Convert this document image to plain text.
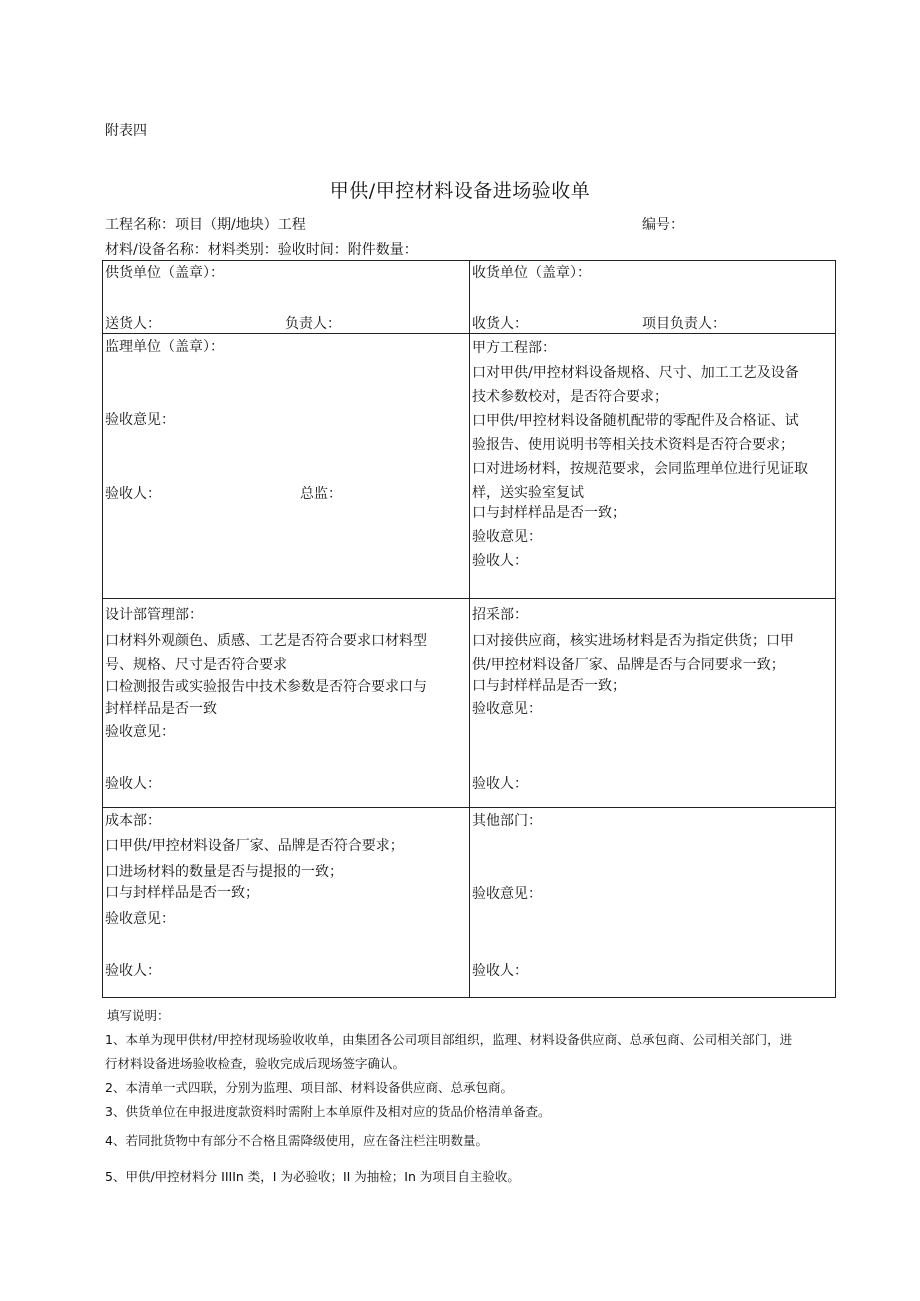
附表四
甲供/甲控材料设备进场验收单
工程名称：项目（期/地块）工程	编号：
材料/设备名称：材料类别：验收时间：附件数量：
供货单位（盖章）：
送货人：	负责人：
收货单位（盖章）：
收货人：	项目负责人：
监理单位（盖章）：
验收意见：
验收人：	总监：
甲方工程部：
口对甲供/甲控材料设备规格、尺寸、加工工艺及设备
技术参数校对，是否符合要求；
口甲供/甲控材料设备随机配带的零配件及合格证、试
验报告、使用说明书等相关技术资料是否符合要求；
口对进场材料，按规范要求，会同监理单位进行见证取
样，送实验室复试
口与封样样品是否一致；
验收意见：
验收人：
设计部管理部：
口材料外观颜色、质感、工艺是否符合要求口材料型
号、规格、尺寸是否符合要求
口检测报告或实验报告中技术参数是否符合要求口与
封样样品是否一致
验收意见：
验收人：
招采部：
口对接供应商，核实进场材料是否为指定供货；口甲
供/甲控材料设备厂家、品牌是否与合同要求一致；
口与封样样品是否一致；
验收意见：
验收人：
成本部：
口甲供/甲控材料设备厂家、品牌是否符合要求；
口进场材料的数量是否与提报的一致；
口与封样样品是否一致；
验收意见：
验收人：
其他部门：
验收意见：
验收人：
填写说明：
1、本单为现甲供材/甲控材现场验收收单，由集团各公司项目部组织，监理、材料设备供应商、总承包商、公司相关部门，进
行材料设备进场验收检查，验收完成后现场签字确认。
2、本清单一式四联，分别为监理、项目部、材料设备供应商、总承包商。
3、供货单位在申报进度款资料时需附上本单原件及相对应的货品价格清单备查。
4、若同批货物中有部分不合格且需降级使用，应在备注栏注明数量。
5、甲供/甲控材料分 IIIIn 类，I 为必验收；II 为抽检；In 为项目自主验收。
